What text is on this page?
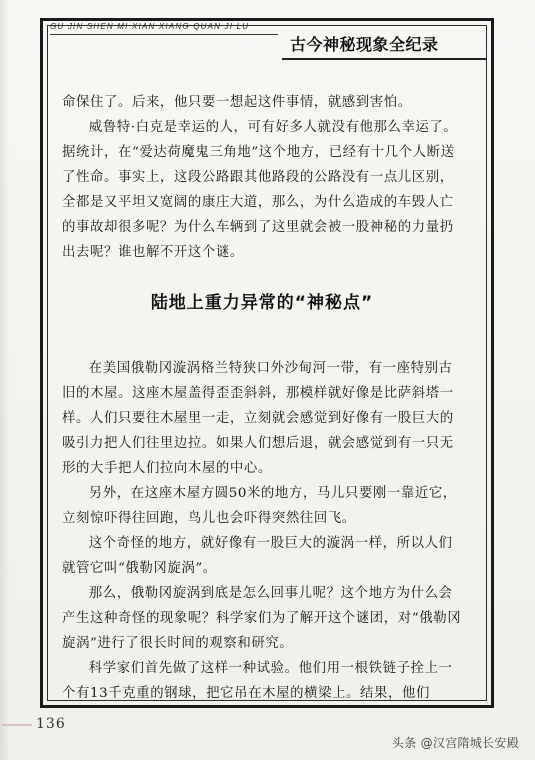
GU JIN SHEN MI XIAN XIANG QUAN JI LU
古今神秘现象全纪录

命保住了。后来，他只要一想起这件事情，就感到害怕。

威鲁特·白克是幸运的人，可有好多人就没有他那么幸运了。据统计，在“爱达荷魔鬼三角地”这个地方，已经有十几个人断送了性命。事实上，这段公路跟其他路段的公路没有一点儿区别，全都是又平坦又宽阔的康庄大道，那么，为什么造成的车毁人亡的事故却很多呢？为什么车辆到了这里就会被一股神秘的力量扔出去呢？谁也解不开这个谜。

陆地上重力异常的“神秘点”

在美国俄勒冈漩涡格兰特狭口外沙甸河一带，有一座特别古旧的木屋。这座木屋盖得歪歪斜斜，那模样就好像是比萨斜塔一样。人们只要往木屋里一走，立刻就会感觉到好像有一股巨大的吸引力把人们往里边拉。如果人们想后退，就会感觉到有一只无形的大手把人们拉向木屋的中心。

另外，在这座木屋方圆50米的地方，马儿只要刚一靠近它，立刻惊吓得往回跑，鸟儿也会吓得突然往回飞。

这个奇怪的地方，就好像有一股巨大的漩涡一样，所以人们就管它叫“俄勒冈旋涡”。

那么，俄勒冈旋涡到底是怎么回事儿呢？这个地方为什么会产生这种奇怪的现象呢？科学家们为了解开这个谜团，对“俄勒冈旋涡”进行了很长时间的观察和研究。

科学家们首先做了这样一种试验。他们用一根铁链子拴上一个有13千克重的钢球，把它吊在木屋的横梁上。结果，他们

136
头条 @汉宫隋城长安殿
